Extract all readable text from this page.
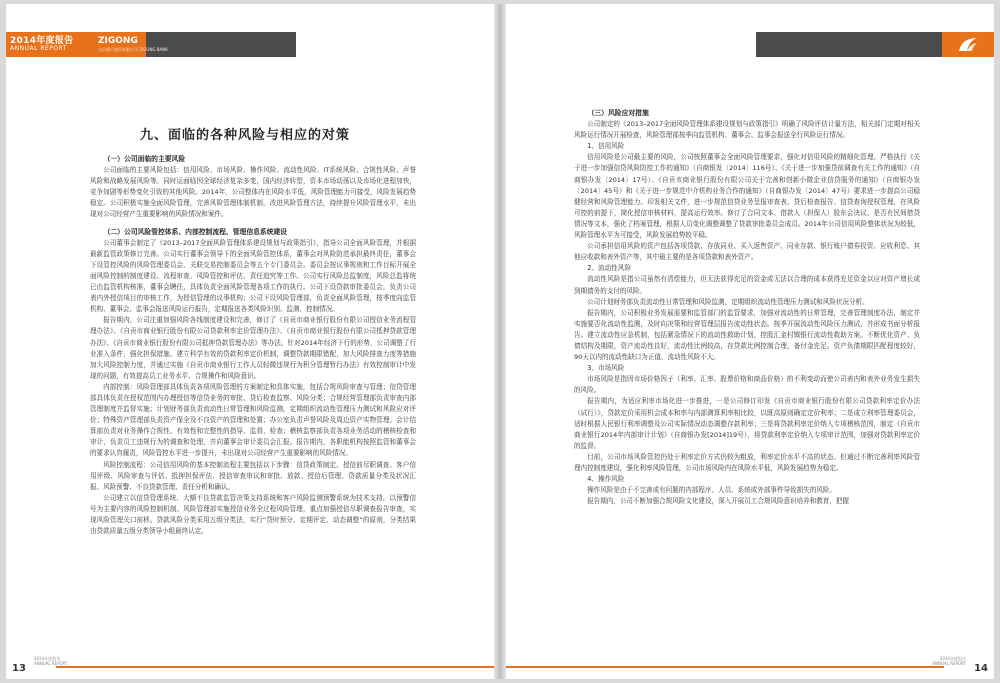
2014年度报告
ANNUAL REPORT
ZIGONG
自贡银行股份有限公司 ZIGONG BANK
九、面临的各种风险与相应的对策
（一）公司面临的主要风险

公司面临的主要风险包括：信用风险、市场风险、操作风险、流动性风险、IT系统风险、合规性风险、声誉风险和战略发展风险等。同时运面临因全球经济复杂多变，国内经济转型，资本市场动荡以及市场化进程加快，竞争加剧等形势变化引致的其他风险。2014年，公司整体内在风险水平低，风险管理能力可接受，风险发展趋势稳定。公司积极实施全面风险管理，完善风险管理体制机制，改进风险管理方法，持续提升风险管理水平，未出现对公司经营产生重要影响的风险情况和案件。

（二）公司风险管控体系、内部控制流程、管理信息系统建设

公司董事会制定了《2013–2017全面风险管理体系建设规划与政策指引》，指导公司全面风险管理，并根据最新监管政策修订完善。公司实行董事会领导下的全面风险管控体系，董事会对风险防范承担最终责任，董事会下设管控风险的风险管理委员会、关联交易控制委员会等五个专门委员会。委员会按议事规则和工作目标开展全面风险控制的制度建设、流程审查、风险管控和评估、责任追究等工作。公司实行风险总监制度，风险总监将统已由监管机构核准，董事会聘任，具体负责全面风险管理各项工作的执行。公司下设贷款审批委员会，负责公司表内外授信项目的审核工作，为授信管理的议事机构；公司下设风险管理部，负责全面风险管理，按季度向监管机构、董事会、监事会报送风险运行报告，定期报送各类风险识别、监测、控制情况。

报告期内，公司注重加强风险各线制度建设和完善，修订了《自贡市商业银行股份有限公司授信业务流程管理办法》、《自贡市商业银行股份有限公司贷款利率定价管理办法》、《自贡市商业银行股份有限公司抵押贷款管理办法》、《自贡市商业银行股份有限公司抵押贷款管理办法》等办法。针对2014年经济下行的形势，公司调整了行业准入条件，强化担保措施、建立科学有效的贷款利率定价机制，调整贷款期限错配，加大风险排查力度等措施加大风险控制力度，并通过实施《自贡市商业银行工作人员轻微违规行为积分管理暂行办法》有效控制审计中发现的问题，有效提高员工业务水平、合规操作和风险意识。

内部控制：风险管理部具体负责各项风险管理的方案制定和具体实施，包括合规风险审查与管理；信贷管理部具体负责在授权范围内办理授信等信贷业务的审批、贷后检查监察、风险分类；合规经营管理部负责审查内部管理制度并监督实施；计划财务部负责流动性日常管理和风险监测，定期组织流动性管理压力测试和风险应对评价；特殊资产管理部负责资产保全及不良资产的管理和处置；办公室负责声誉风险及周边资产实物管理；会计结算部负责对业务操作合规性、有效性和完整性的指导、监督、检查；稽核监察部负责各项业务活动的稽核检查和审计，负责员工违规行为的调查和处理，并向董事会审计委员会汇报。报告期内，各职能机构按照监管和董事会的要求认真履责，风险管控水平进一步提升，未出现对公司经营产生重要影响的风险情况。

风险控制流程：公司信用风险的基本控制流程主要包括以下步骤：信贷政策制定、授信前尽职调查、客户信用评级、风险审查与评估、抵押担保评估、授信审查审议和审批、放款、授信后管理、贷款质量分类及状况汇报、风险预警、不良贷款管理、责任分析和确认。

公司建立以信贷管理系统、大额不良贷款监管决策支持系统和客户风险监测预警系统为技术支持，以预警信号为主要内容的风险控制机制。风险管理部实施授信业务全过程风险管理，重点加强授信尽职调查报告审查，实现风险管理关口前移。贷款风险分类采用五级分类法，实行“贷时预分、定期评定、动态调整”的原则，分类结果由贷款质量五级分类领导小组最终认定。

13
2014年度报告
ANNUAL REPORT
（三）风险应对措施

公司制定的《2013–2017全面风险管理体系建设规划与政策指引》明确了风险评估计量方法，相关部门定期对相关风险运行情况开展检查，风险管理部按季向监管机构、董事会、监事会报送全行风险运行情况。

1、信用风险

信用风险是公司最主要的风险，公司按照董事会全面风险管理要求，强化对信用风险的精细化管理。严格执行《关于进一步加强信贷风险防控工作的通知》（自商银发〔2014〕116号）、《关于进一步加强贷前调查有关工作的通知》（自商银办发〔2014〕17号）、《自贡市商业银行股份有限公司关于完善和创新小微企业信贷服务的通知》（自商银办发〔2014〕45号）和《关于进一步规范中介机构业务合作的通知》（自商银办发〔2014〕47号）要求进一步提高公司稳健经营和风险管理能力。印发相关文件，进一步规范信贷业务呈报审查表、贷后检查报告、信贷查询授权管理，在风险可控的前提下，简化授信审核材料，提高运行效率。修订了合同文本、借款人（担保人）股东会决议、是否有民间借贷情况等文本，强化了档案管理，根据人员变化调整调整了贷款审批委员会成员。2014年公司信用风险整体状况为较低，风险管理水平为可接受，风险发展趋势较平稳。

公司承担信用风险的资产包括各项贷款、存放同业、买入返售资产、同业存款、银行账户债券投资、应收利息、其他应收款和表外资产等，其中最主要的是各项贷款和表外资产。

2、流动性风险

流动性风险是指公司虽然有清偿能力，但无法获得充足的资金或无法以合理的成本获得充足资金以应对资产增长或到期债务的支付的风险。

公司计划财务部负责流动性日常管理和风险监测，定期组织流动性管理压力测试和风险状况分析。

报告期内，公司积极业务发展需要和监管部门的监管要求，加强对流动性的日常管理，完善管理制度办法，制定并实施要否化流动性监测，及时向决策和经营管理层报告流动性状态。按季开展流动性风险压力测试，并形成书面分析报告。建立流动性应急机制，包括紧急情况下的流动性救助计划，控股汇金村镇银行流动性救助方案。不断优化资产、负债结构及期限，资产流动性良好，流动性比例较高，存贷款比例控制合理，备付金充足。资产负债期限匹配程度较好，90天以内的流动性缺口为正值，流动性风险不大。

3、市场风险

市场风险是指因市场价格因子（利率、汇率、股票价格和商品价格）的不利变动而使公司表内和表外业务发生损失的风险。

报告期内，为适应利率市场化进一步推进，一是公司修订印发《自贡市商业银行股份有限公司贷款利率定价办法（试行）》，贷款定价采用机会成本和率与内部测算利率相比较，以既高原则确定定价利率；二是成立利率管理委员会，适时根据人民银行利率调整及公司实际情况动态调整存款利率；三是将贷款利率定价纳入专项稽核范围，制定《自贡市商业银行2014年内部审计计划》（自商银办发[2014]19号），将贷款利率定价纳入专项审计范围，加强对贷款利率定价的监督。

目前，公司市场风险管控仍处于利率定价方式仍较为粗放，利率定价水平不高的状态。但通过不断完善利率风险管理内控制度建设，强化利率风险管理，公司市场风险内在风险水平低，风险发展趋势为稳定。

4、操作风险

操作风险是由于不完善或有问题的内部程序、人员、系统或外部事件导致损失的风险。

报告期内，公司不断加强合规风险文化建设，深入开展员工合规风险意识培养和教育，把握

2014年度报告
ANNUAL REPORT 14
